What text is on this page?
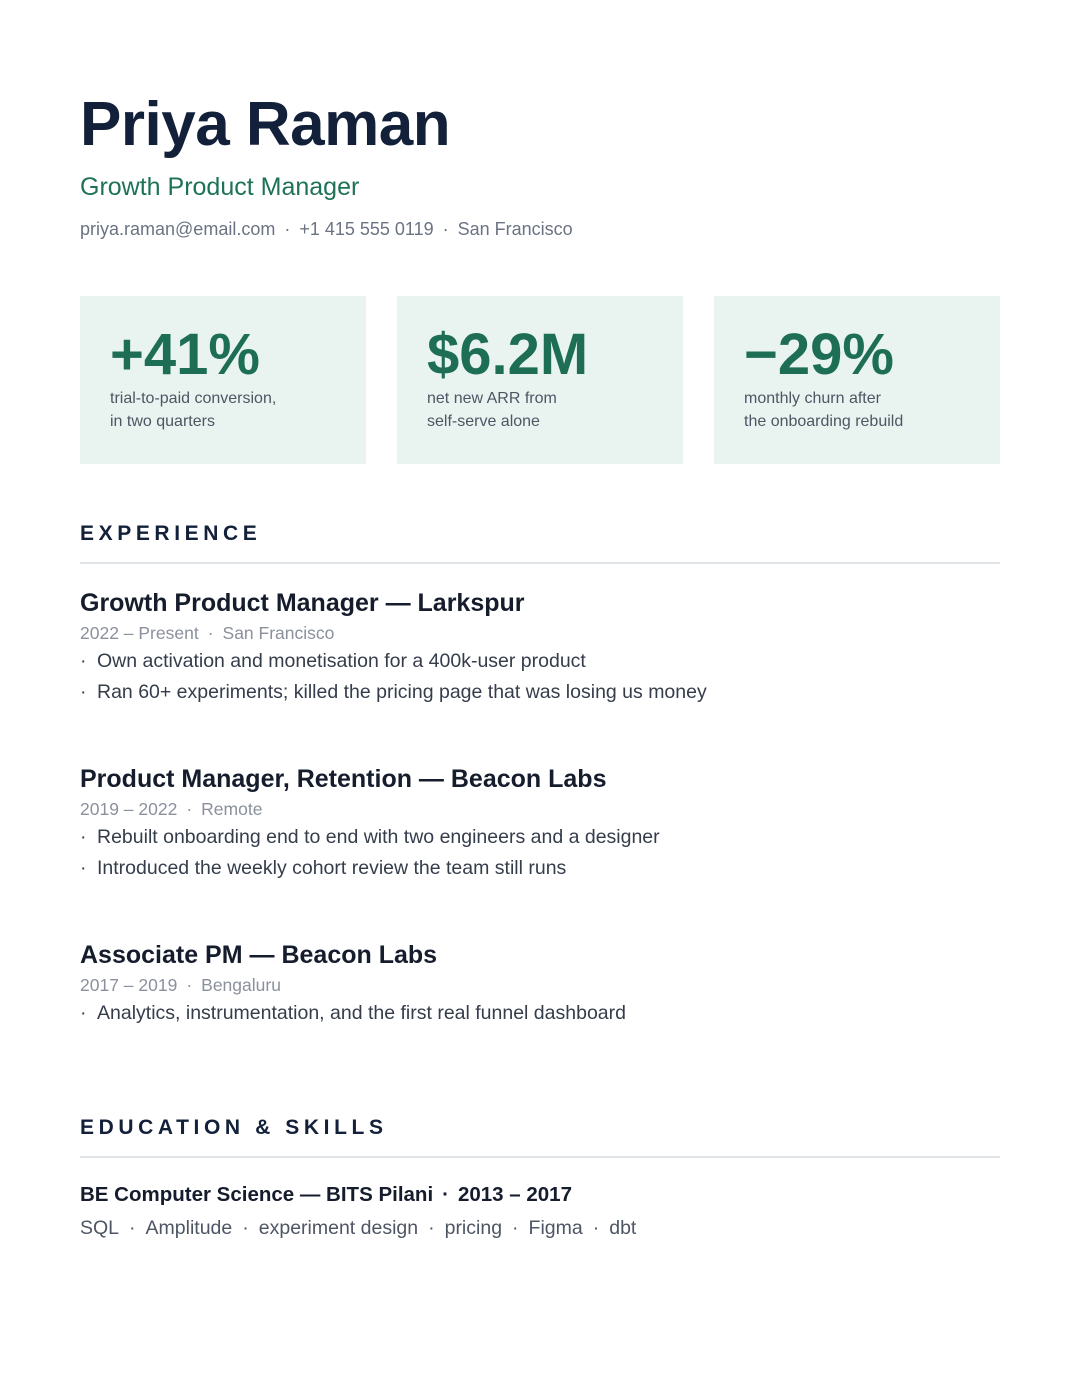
Priya Raman
Growth Product Manager
priya.raman@email.com · +1 415 555 0119 · San Francisco
+41%
trial-to-paid conversion,
in two quarters
$6.2M
net new ARR from
self-serve alone
−29%
monthly churn after
the onboarding rebuild
EXPERIENCE
Growth Product Manager — Larkspur
2022 – Present · San Francisco
· Own activation and monetisation for a 400k-user product
· Ran 60+ experiments; killed the pricing page that was losing us money
Product Manager, Retention — Beacon Labs
2019 – 2022 · Remote
· Rebuilt onboarding end to end with two engineers and a designer
· Introduced the weekly cohort review the team still runs
Associate PM — Beacon Labs
2017 – 2019 · Bengaluru
· Analytics, instrumentation, and the first real funnel dashboard
EDUCATION & SKILLS
BE Computer Science — BITS Pilani · 2013 – 2017
SQL · Amplitude · experiment design · pricing · Figma · dbt
